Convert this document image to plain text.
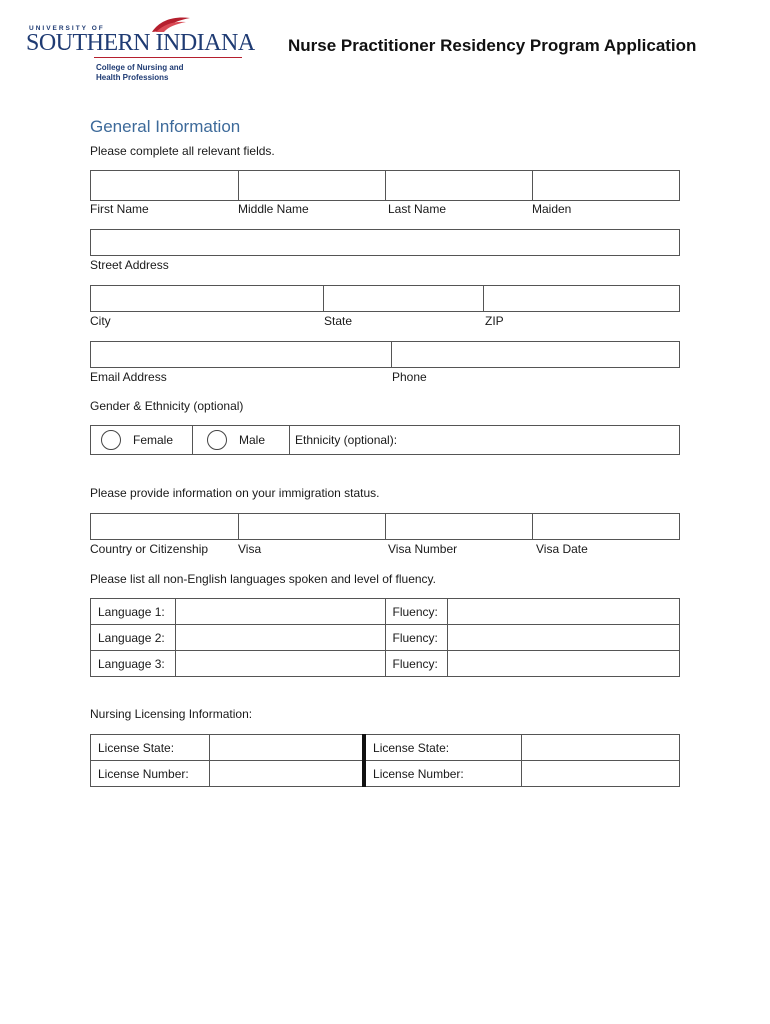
UNIVERSITY OF
SOUTHERN INDIANA
College of Nursing and
Health Professions
Nurse Practitioner Residency Program Application
General Information
Please complete all relevant fields.
First Name	Middle Name	Last Name	Maiden
Street Address
City	State	ZIP
Email Address	Phone
Gender & Ethnicity (optional)
Female	Male Ethnicity (optional):
Please provide information on your immigration status.
Country or Citizenship Visa	Visa Number	Visa Date
Please list all non-English languages spoken and level of fluency.
Language 1:		Fluency:	
Language 2:		Fluency:	
Language 3:		Fluency:	
Nursing Licensing Information:
License State:		License State:	
License Number:		License Number:	
